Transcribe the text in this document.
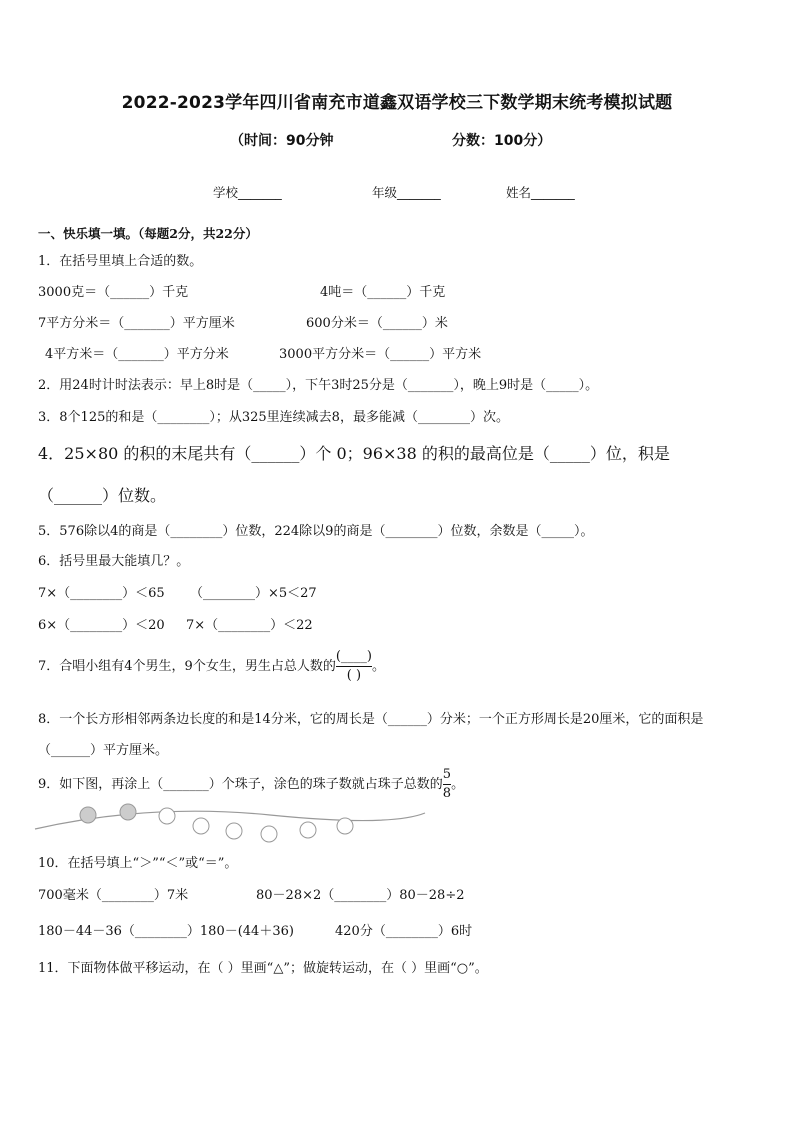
2022-2023学年四川省南充市道鑫双语学校三下数学期末统考模拟试题
（时间：90分钟	分数：100分）
学校_______	年级_______	姓名_______
一、快乐填一填。（每题2分，共22分）
1．在括号里填上合适的数。
3000克＝（______）千克	4吨＝（______）千克
7平方分米＝（_______）平方厘米	600分米＝（______）米
4平方米＝（_______）平方分米	3000平方分米＝（______）平方米
2．用24时计时法表示：早上8时是（_____），下午3时25分是（_______），晚上9时是（_____）。
3．8个125的和是（________）；从325里连续减去8，最多能减（________）次。
4．25×80 的积的末尾共有（______）个 0；96×38 的积的最高位是（_____）位，积是
（______）位数。
5．576除以4的商是（________）位数，224除以9的商是（________）位数，余数是（_____）。
6．括号里最大能填几？。
7×（________）＜65 （________）×5＜27
6×（________）＜20 7×（________）＜22
7．合唱小组有4个男生，9个女生，男生占总人数的 $\frac{(\_\_\_\_)}{( )}$ 。
8．一个长方形相邻两条边长度的和是14分米，它的周长是（______）分米；一个正方形周长是20厘米，它的面积是
（______）平方厘米。
9．如下图，再涂上（_______）个珠子，涂色的珠子数就占珠子总数的 $\frac{5}{8}$ 。
10．在括号填上“＞”“＜”或“＝”。
700毫米（________）7米	80－28×2（________）80－28÷2
180－44－36（________）180－(44＋36)	420分（________）6时
11．下面物体做平移运动，在（ ）里画“△”；做旋转运动，在（ ）里画“○”。
